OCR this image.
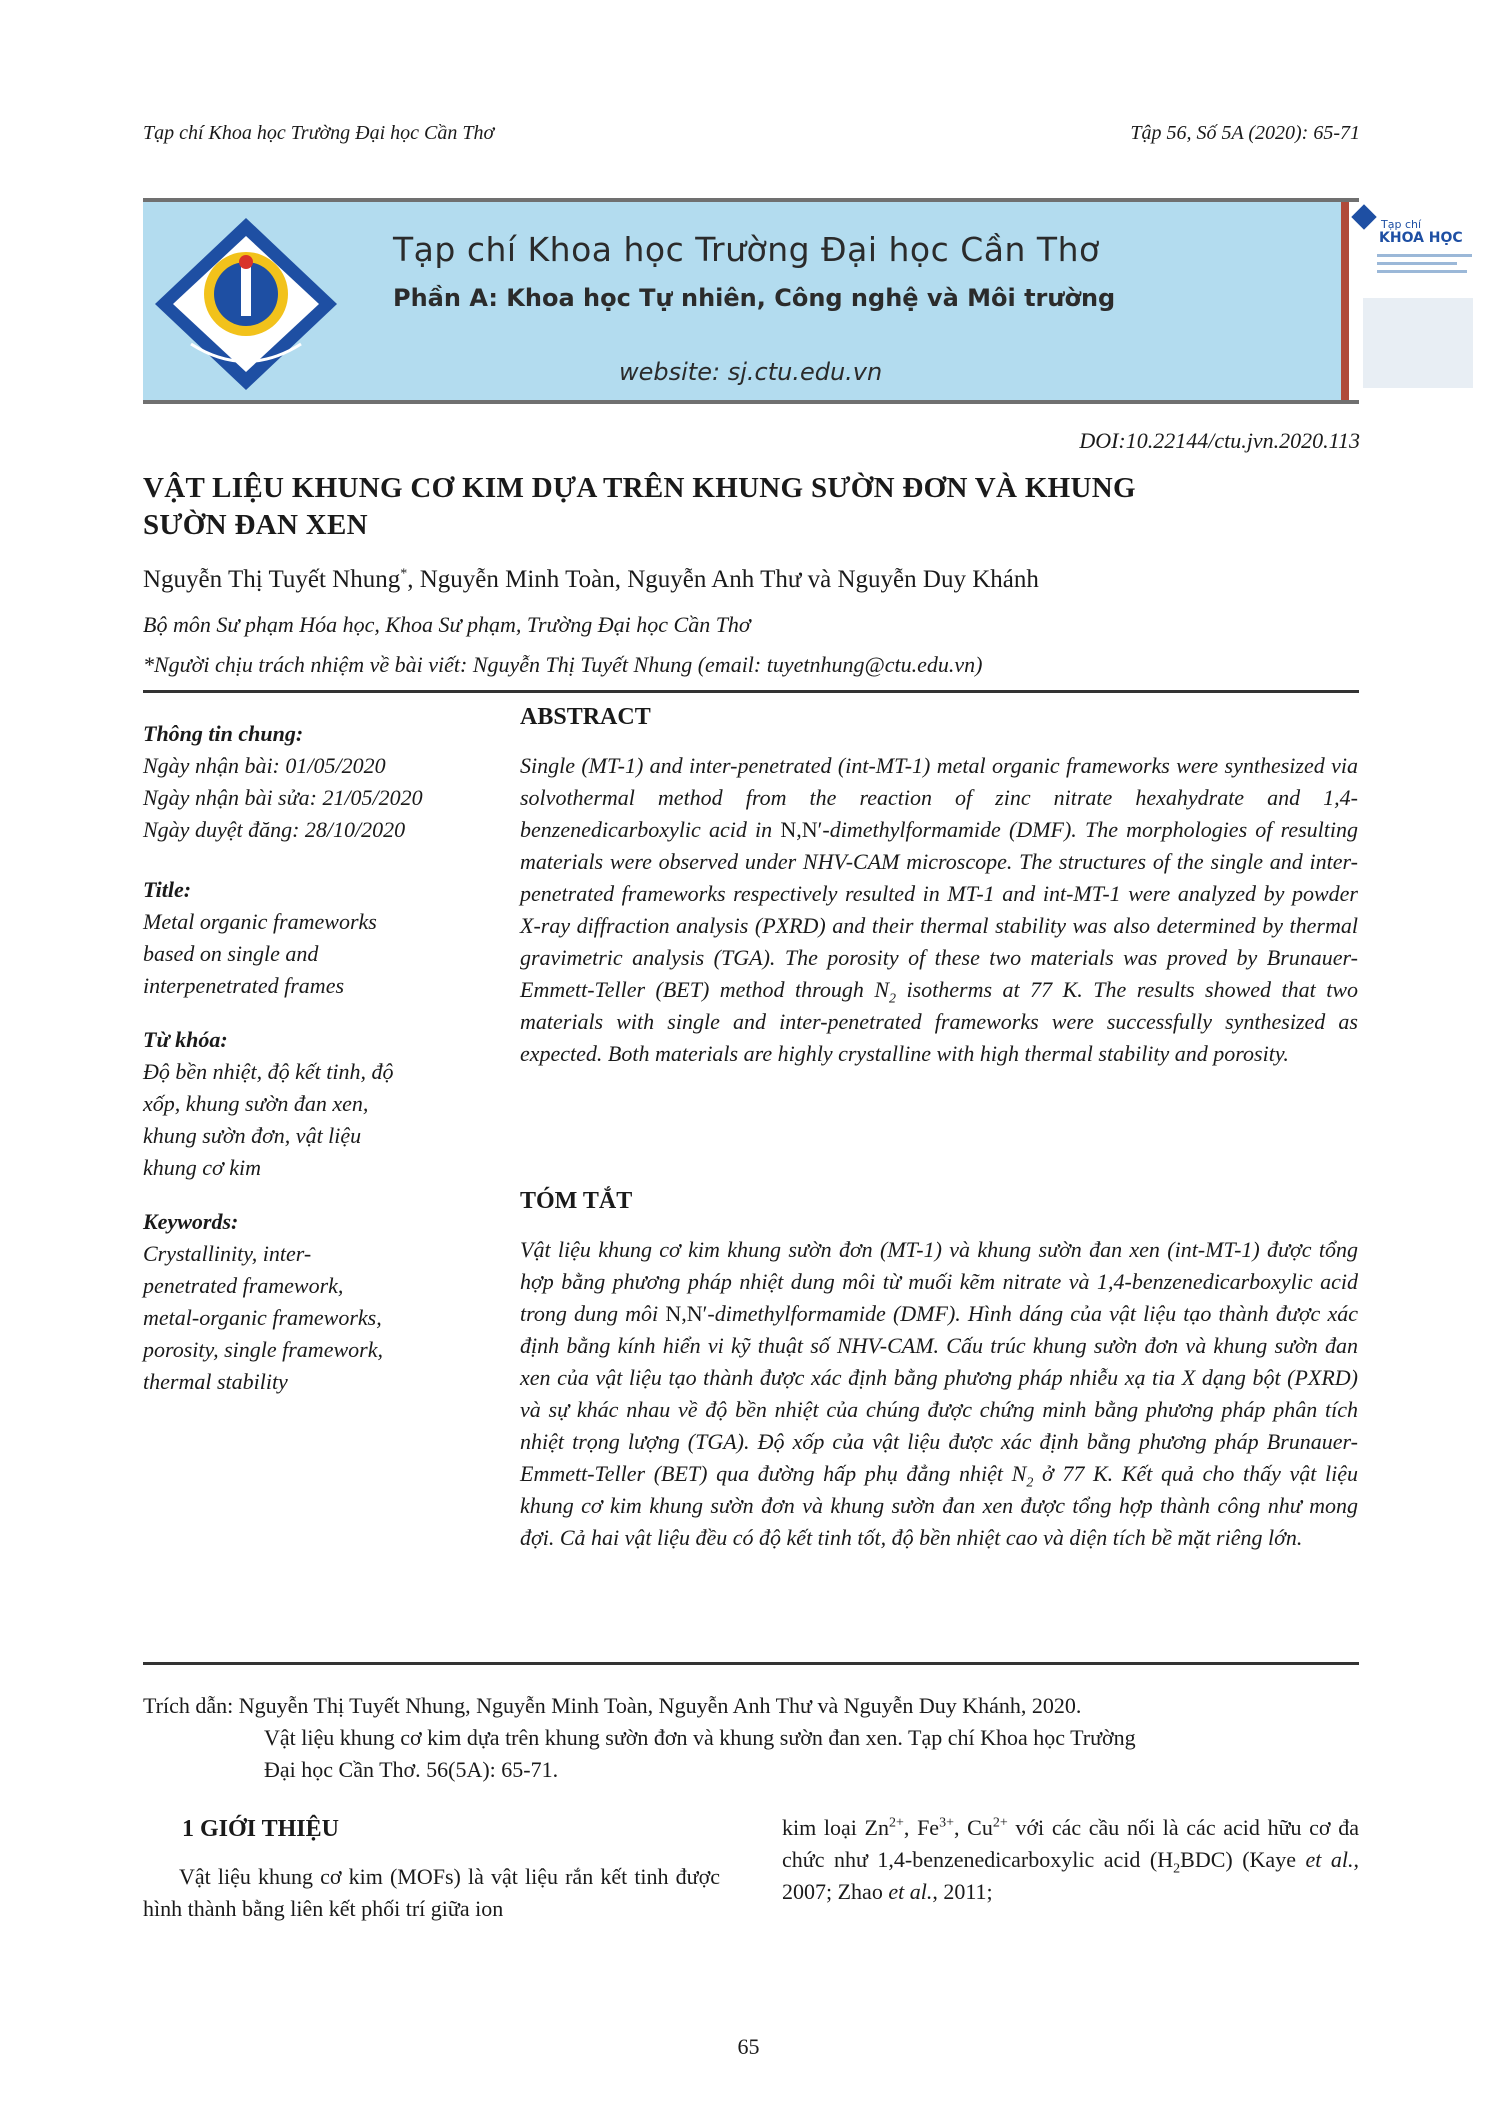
Tạp chí Khoa học Trường Đại học Cần Thơ	Tập 56, Số 5A (2020): 65-71
Tạp chí Khoa học Trường Đại học Cần Thơ
Phần A: Khoa học Tự nhiên, Công nghệ và Môi trường
website: sj.ctu.edu.vn
Tạp chí
KHOA HỌC
DOI:10.22144/ctu.jvn.2020.113
VẬT LIỆU KHUNG CƠ KIM DỰA TRÊN KHUNG SƯỜN ĐƠN VÀ KHUNG
SƯỜN ĐAN XEN
Nguyễn Thị Tuyết Nhung*, Nguyễn Minh Toàn, Nguyễn Anh Thư và Nguyễn Duy Khánh
Bộ môn Sư phạm Hóa học, Khoa Sư phạm, Trường Đại học Cần Thơ
*Người chịu trách nhiệm về bài viết: Nguyễn Thị Tuyết Nhung (email: tuyetnhung@ctu.edu.vn)
Thông tin chung:
Ngày nhận bài: 01/05/2020
Ngày nhận bài sửa: 21/05/2020
Ngày duyệt đăng: 28/10/2020
Title:
Metal organic frameworks
based on single and
interpenetrated frames
Từ khóa:
Độ bền nhiệt, độ kết tinh, độ
xốp, khung sườn đan xen,
khung sườn đơn, vật liệu
khung cơ kim
Keywords:
Crystallinity, inter-
penetrated framework,
metal-organic frameworks,
porosity, single framework,
thermal stability
ABSTRACT
Single (MT-1) and inter-penetrated (int-MT-1) metal organic frameworks were synthesized via solvothermal method from the reaction of zinc nitrate hexahydrate and 1,4-benzenedicarboxylic acid in N,N′-dimethylformamide (DMF). The morphologies of resulting materials were observed under NHV-CAM microscope. The structures of the single and inter-penetrated frameworks respectively resulted in MT-1 and int-MT-1 were analyzed by powder X-ray diffraction analysis (PXRD) and their thermal stability was also determined by thermal gravimetric analysis (TGA). The porosity of these two materials was proved by Brunauer-Emmett-Teller (BET) method through $N_2$ isotherms at 77 K. The results showed that two materials with single and inter-penetrated frameworks were successfully synthesized as expected. Both materials are highly crystalline with high thermal stability and porosity.
TÓM TẮT
Vật liệu khung cơ kim khung sườn đơn (MT-1) và khung sườn đan xen (int-MT-1) được tổng hợp bằng phương pháp nhiệt dung môi từ muối kẽm nitrate và 1,4-benzenedicarboxylic acid trong dung môi N,N′-dimethylformamide (DMF). Hình dáng của vật liệu tạo thành được xác định bằng kính hiển vi kỹ thuật số NHV-CAM. Cấu trúc khung sườn đơn và khung sườn đan xen của vật liệu tạo thành được xác định bằng phương pháp nhiễu xạ tia X dạng bột (PXRD) và sự khác nhau về độ bền nhiệt của chúng được chứng minh bằng phương pháp phân tích nhiệt trọng lượng (TGA). Độ xốp của vật liệu được xác định bằng phương pháp Brunauer-Emmett-Teller (BET) qua đường hấp phụ đẳng nhiệt $N_2$ ở 77 K. Kết quả cho thấy vật liệu khung cơ kim khung sườn đơn và khung sườn đan xen được tổng hợp thành công như mong đợi. Cả hai vật liệu đều có độ kết tinh tốt, độ bền nhiệt cao và diện tích bề mặt riêng lớn.
Trích dẫn: Nguyễn Thị Tuyết Nhung, Nguyễn Minh Toàn, Nguyễn Anh Thư và Nguyễn Duy Khánh, 2020.
Vật liệu khung cơ kim dựa trên khung sườn đơn và khung sườn đan xen. Tạp chí Khoa học Trường
Đại học Cần Thơ. 56(5A): 65-71.
1 GIỚI THIỆU
Vật liệu khung cơ kim (MOFs) là vật liệu rắn kết tinh được hình thành bằng liên kết phối trí giữa ion
kim loại $Zn^{2+}$, $Fe^{3+}$, $Cu^{2+}$ với các cầu nối là các acid hữu cơ đa chức như 1,4-benzenedicarboxylic acid $(H_2BDC)$ (Kaye et al., 2007; Zhao et al., 2011;
65
